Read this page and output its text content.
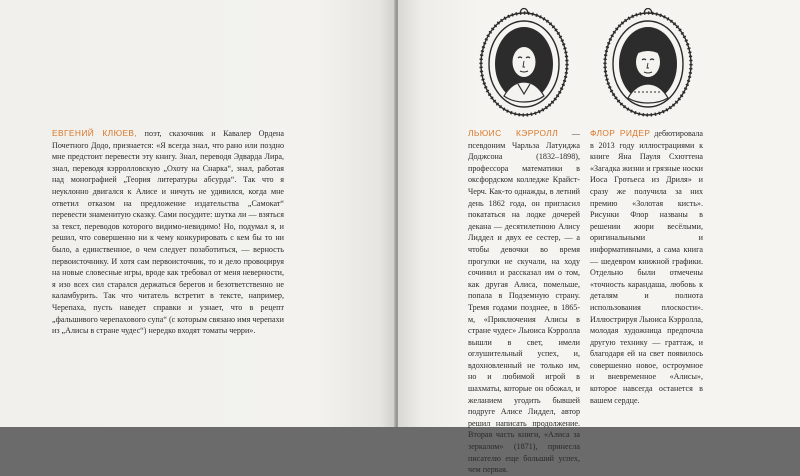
ЕВГЕНИЙ КЛЮЕВ, поэт, сказочник и Кавалер Ордена Почетного Додо, признается: «Я всегда знал, что рано или поздно мне предстоит перевести эту книгу. Знал, переводя Эдварда Лира, знал, переводя кэрролловскую „Охоту на Снарка“, знал, работая над монографией „Теория литературы абсурда“. Так что я неуклонно двигался к Алисе и ничуть не удивился, когда мне ответил отказом на предложение издательства „Самокат“ перевести знаменитую сказку. Сами посудите: шутка ли — взяться за текст, переводов которого видимо-невидимо! Но, подумал я, и решил, что совершенно ни к чему конкурировать с кем бы то ни было, а единственное, о чем следует позаботиться, — верность первоисточнику. И хотя сам первоисточник, то и дело провоцируя на новые словесные игры, вроде как требовал от меня неверности, я изо всех сил старался держаться берегов и безответственно не каламбурить. Так что читатель встретит в тексте, например, Черепаха, пусть наведет справки и узнает, что в рецепт „фальшивого черепахового супа“ (с которым связано имя черепахи из „Алисы в стране чудес“) нередко входят томаты черри».
ЛЬЮИС КЭРРОЛЛ — псевдоним Чарльза Латуиджа Доджсона (1832–1898), профессора математики в оксфордском колледже Крайст-Черч. Как-то однажды, в летний день 1862 года, он пригласил покататься на лодке дочерей декана — десятилетнюю Алису Лиддел и двух ее сестер, — а чтобы девочки во время прогулки не скучали, на ходу сочинил и рассказал им о том, как другая Алиса, помельше, попала в Подземную страну. Тремя годами позднее, в 1865-м, «Приключения Алисы в стране чудес» Льюиса Кэрролла вышли в свет, имели оглушительный успех, и, вдохновленный не только им, но и любимой игрой в шахматы, которые он обожал, и желанием угодить бывшей подруге Алисе Лиддел, автор решил написать продолжение. Вторая часть книги, «Алиса за зеркалом» (1871), принесла писателю еще больший успех, чем первая.
ФЛОР РИДЕР дебютировала в 2013 году иллюстрациями к книге Яна Пауля Схюттена «Загадка жизни и грязные носки Иоса Гротьеса из Дриля» и сразу же получила за них премию «Золотая кисть». Рисунки Флор названы в решении жюри весёлыми, оригинальными и информативными, а сама книга — шедевром книжной графики. Отдельно были отмечены «точность карандаша, любовь к деталям и полнота использования плоскости». Иллюстрируя Льюиса Кэрролла, молодая художница предпочла другую технику — граттаж, и благодаря ей на свет появилось совершенно новое, остроумное и вневременное «Алисы», которое навсегда останется в вашем сердце.
